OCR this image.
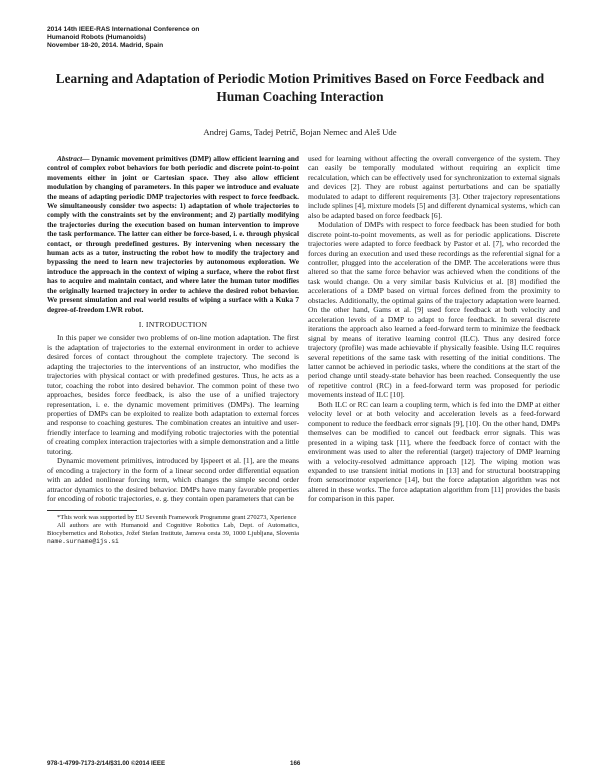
2014 14th IEEE-RAS International Conference on
Humanoid Robots (Humanoids)
November 18-20, 2014. Madrid, Spain
Learning and Adaptation of Periodic Motion Primitives Based on Force Feedback and Human Coaching Interaction
Andrej Gams, Tadej Petrič, Bojan Nemec and Aleš Ude

Abstract— Dynamic movement primitives (DMP) allow efficient learning and control of complex robot behaviors for both periodic and discrete point-to-point movements either in joint or Cartesian space. They also allow efficient modulation by changing of parameters. In this paper we introduce and evaluate the means of adapting periodic DMP trajectories with respect to force feedback. We simultaneously consider two aspects: 1) adaptation of whole trajectories to comply with the constraints set by the environment; and 2) partially modifying the trajectories during the execution based on human intervention to improve the task performance. The latter can either be force-based, i. e. through physical contact, or through predefined gestures. By intervening when necessary the human acts as a tutor, instructing the robot how to modify the trajectory and bypassing the need to learn new trajectories by autonomous exploration. We introduce the approach in the context of wiping a surface, where the robot first has to acquire and maintain contact, and where later the human tutor modifies the originally learned trajectory in order to achieve the desired robot behavior. We present simulation and real world results of wiping a surface with a Kuka 7 degree-of-freedom LWR robot.

I. INTRODUCTION

In this paper we consider two problems of on-line motion adaptation. The first is the adaptation of trajectories to the external environment in order to achieve desired forces of contact throughout the complete trajectory. The second is adapting the trajectories to the interventions of an instructor, who modifies the trajectories with physical contact or with predefined gestures. Thus, he acts as a tutor, coaching the robot into desired behavior. The common point of these two approaches, besides force feedback, is also the use of a unified trajectory representation, i. e. the dynamic movement primitives (DMPs). The learning properties of DMPs can be exploited to realize both adaptation to external forces and response to coaching gestures. The combination creates an intuitive and user-friendly interface to learning and modifying robotic trajectories with the potential of creating complex interaction trajectories with a simple demonstration and a little tutoring.

Dynamic movement primitives, introduced by Ijspeert et al. [1], are the means of encoding a trajectory in the form of a linear second order differential equation with an added nonlinear forcing term, which changes the simple second order attractor dynamics to the desired behavior. DMPs have many favorable properties for encoding of robotic trajectories, e. g. they contain open parameters that can be

*This work was supported by EU Seventh Framework Programme grant 270273, Xperience

All authors are with Humanoid and Cognitive Robotics Lab, Dept. of Automatics, Biocybernetics and Robotics, Jožef Stefan Institute, Jamova cesta 39, 1000 Ljubljana, Slovenia name.surname@ijs.si

used for learning without affecting the overall convergence of the system. They can easily be temporally modulated without requiring an explicit time recalculation, which can be effectively used for synchronization to external signals and devices [2]. They are robust against perturbations and can be spatially modulated to adapt to different requirements [3]. Other trajectory representations include splines [4], mixture models [5] and different dynamical systems, which can also be adapted based on force feedback [6].

Modulation of DMPs with respect to force feedback has been studied for both discrete point-to-point movements, as well as for periodic applications. Discrete trajectories were adapted to force feedback by Pastor et al. [7], who recorded the forces during an execution and used these recordings as the referential signal for a controller, plugged into the acceleration of the DMP. The accelerations were thus altered so that the same force behavior was achieved when the conditions of the task would change. On a very similar basis Kulvicius et al. [8] modified the accelerations of a DMP based on virtual forces defined from the proximity to obstacles. Additionally, the optimal gains of the trajectory adaptation were learned. On the other hand, Gams et al. [9] used force feedback at both velocity and acceleration levels of a DMP to adapt to force feedback. In several discrete iterations the approach also learned a feed-forward term to minimize the feedback signal by means of iterative learning control (ILC). Thus any desired force trajectory (profile) was made achievable if physically feasible. Using ILC requires several repetitions of the same task with resetting of the initial conditions. The latter cannot be achieved in periodic tasks, where the conditions at the start of the period change until steady-state behavior has been reached. Consequently the use of repetitive control (RC) in a feed-forward term was proposed for periodic movements instead of ILC [10].

Both ILC or RC can learn a coupling term, which is fed into the DMP at either velocity level or at both velocity and acceleration levels as a feed-forward component to reduce the feedback error signals [9], [10]. On the other hand, DMPs themselves can be modified to cancel out feedback error signals. This was presented in a wiping task [11], where the feedback force of contact with the environment was used to alter the referential (target) trajectory of DMP learning with a velocity-resolved admittance approach [12]. The wiping motion was expanded to use transient initial motions in [13] and for structural bootstrapping from sensorimotor experience [14], but the force adaptation algorithm was not altered in these works. The force adaptation algorithm from [11] provides the basis for comparison in this paper.

978-1-4799-7173-2/14/$31.00 ©2014 IEEE	166
